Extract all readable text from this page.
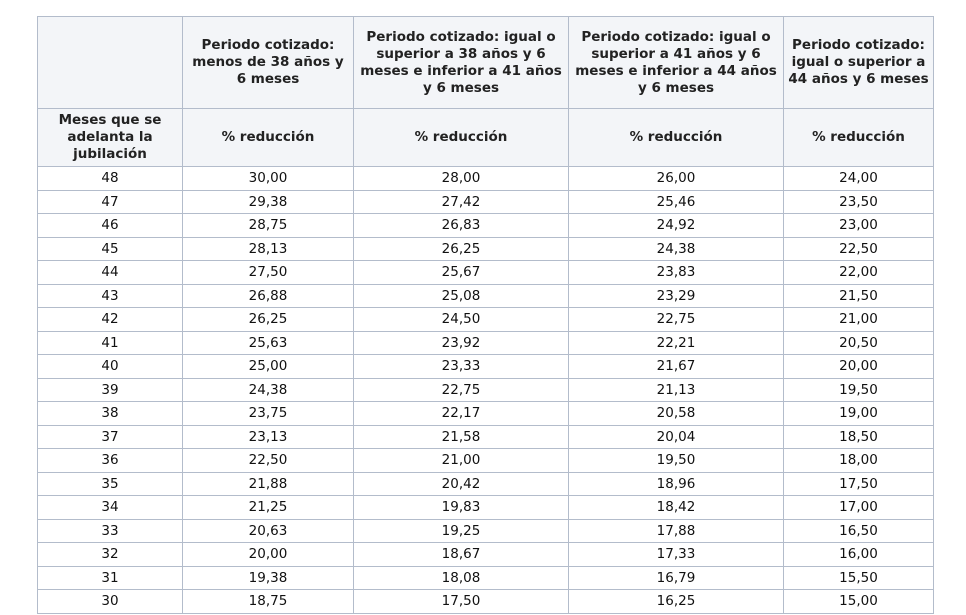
	Periodo cotizado: menos de 38 años y 6 meses	Periodo cotizado: igual o superior a 38 años y 6 meses e inferior a 41 años y 6 meses	Periodo cotizado: igual o superior a 41 años y 6 meses e inferior a 44 años y 6 meses	Periodo cotizado: igual o superior a 44 años y 6 meses
Meses que se adelanta la jubilación	% reducción	% reducción	% reducción	% reducción
48	30,00	28,00	26,00	24,00
47	29,38	27,42	25,46	23,50
46	28,75	26,83	24,92	23,00
45	28,13	26,25	24,38	22,50
44	27,50	25,67	23,83	22,00
43	26,88	25,08	23,29	21,50
42	26,25	24,50	22,75	21,00
41	25,63	23,92	22,21	20,50
40	25,00	23,33	21,67	20,00
39	24,38	22,75	21,13	19,50
38	23,75	22,17	20,58	19,00
37	23,13	21,58	20,04	18,50
36	22,50	21,00	19,50	18,00
35	21,88	20,42	18,96	17,50
34	21,25	19,83	18,42	17,00
33	20,63	19,25	17,88	16,50
32	20,00	18,67	17,33	16,00
31	19,38	18,08	16,79	15,50
30	18,75	17,50	16,25	15,00
